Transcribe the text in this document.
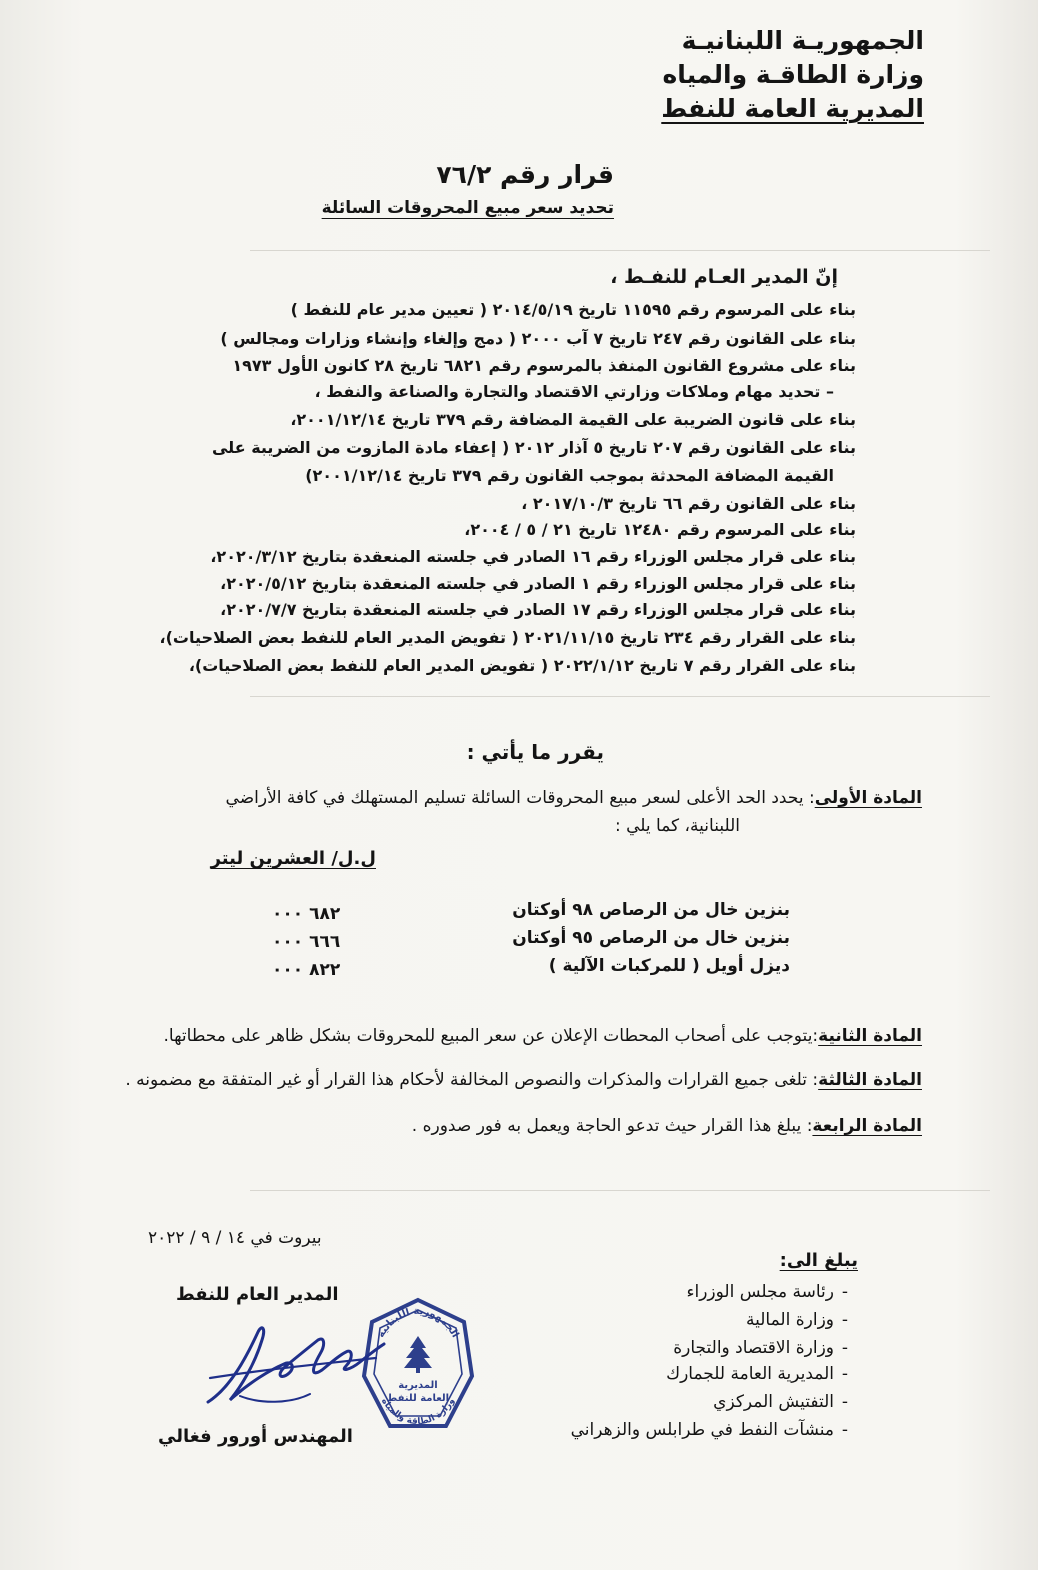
الجمهوريـة اللبنانيـة
وزارة الطاقـة والمياه
المديرية العامة للنفط
قرار رقم ٧٦/٢
تحديد سعر مبيع المحروقات السائلة
إنّ المدير العـام للنفـط ،
بناء على المرسوم رقم ١١٥٩٥ تاريخ ٢٠١٤/٥/١٩ ( تعيين مدير عام للنفط )
بناء على القانون رقم ٢٤٧ تاريخ ٧ آب ٢٠٠٠ ( دمج وإلغاء وإنشاء وزارات ومجالس )
بناء على مشروع القانون المنفذ بالمرسوم رقم ٦٨٢١ تاريخ ٢٨ كانون الأول ١٩٧٣
– تحديد مهام وملاكات وزارتي الاقتصاد والتجارة والصناعة والنفط ،
بناء على قانون الضريبة على القيمة المضافة رقم ٣٧٩ تاريخ ٢٠٠١/١٢/١٤،
بناء على القانون رقم ٢٠٧ تاريخ ٥ آذار ٢٠١٢ ( إعفاء مادة المازوت من الضريبة على
القيمة المضافة المحدثة بموجب القانون رقم ٣٧٩ تاريخ ٢٠٠١/١٢/١٤)
بناء على القانون رقم ٦٦ تاريخ ٢٠١٧/١٠/٣ ،
بناء على المرسوم رقم ١٢٤٨٠ تاريخ ٢١ / ٥ / ٢٠٠٤،
بناء على قرار مجلس الوزراء رقم ١٦ الصادر في جلسته المنعقدة بتاريخ ٢٠٢٠/٣/١٢،
بناء على قرار مجلس الوزراء رقم ١ الصادر في جلسته المنعقدة بتاريخ ٢٠٢٠/٥/١٢،
بناء على قرار مجلس الوزراء رقم ١٧ الصادر في جلسته المنعقدة بتاريخ ٢٠٢٠/٧/٧،
بناء على القرار رقم ٢٣٤ تاريخ ٢٠٢١/١١/١٥ ( تفويض المدير العام للنفط بعض الصلاحيات)،
بناء على القرار رقم ٧ تاريخ ٢٠٢٢/١/١٢ ( تفويض المدير العام للنفط بعض الصلاحيات)،
يقرر ما يأتي :
المادة الأولى: يحدد الحد الأعلى لسعر مبيع المحروقات السائلة تسليم المستهلك في كافة الأراضي
اللبنانية، كما يلي :
ل.ل/ العشرين ليتر
بنزين خال من الرصاص ٩٨ أوكتان
٦٨٢ ٠٠٠
بنزين خال من الرصاص ٩٥ أوكتان
٦٦٦ ٠٠٠
ديزل أويل ( للمركبات الآلية )
٨٢٢ ٠٠٠
المادة الثانية:يتوجب على أصحاب المحطات الإعلان عن سعر المبيع للمحروقات بشكل ظاهر على محطاتها.
المادة الثالثة: تلغى جميع القرارات والمذكرات والنصوص المخالفة لأحكام هذا القرار أو غير المتفقة مع مضمونه .
المادة الرابعة: يبلغ هذا القرار حيث تدعو الحاجة ويعمل به فور صدوره .
بيروت في ١٤ / ٩ / ٢٠٢٢
يبلغ الى:
-رئاسة مجلس الوزراء
-وزارة المالية
-وزارة الاقتصاد والتجارة
-المديرية العامة للجمارك
-التفتيش المركزي
-منشآت النفط في طرابلس والزهراني
المدير العام للنفط
المهندس أورور فغالي
الجمهورية اللبنانية
وزارة الطاقة والمياه
المديرية
العامة للنفط
